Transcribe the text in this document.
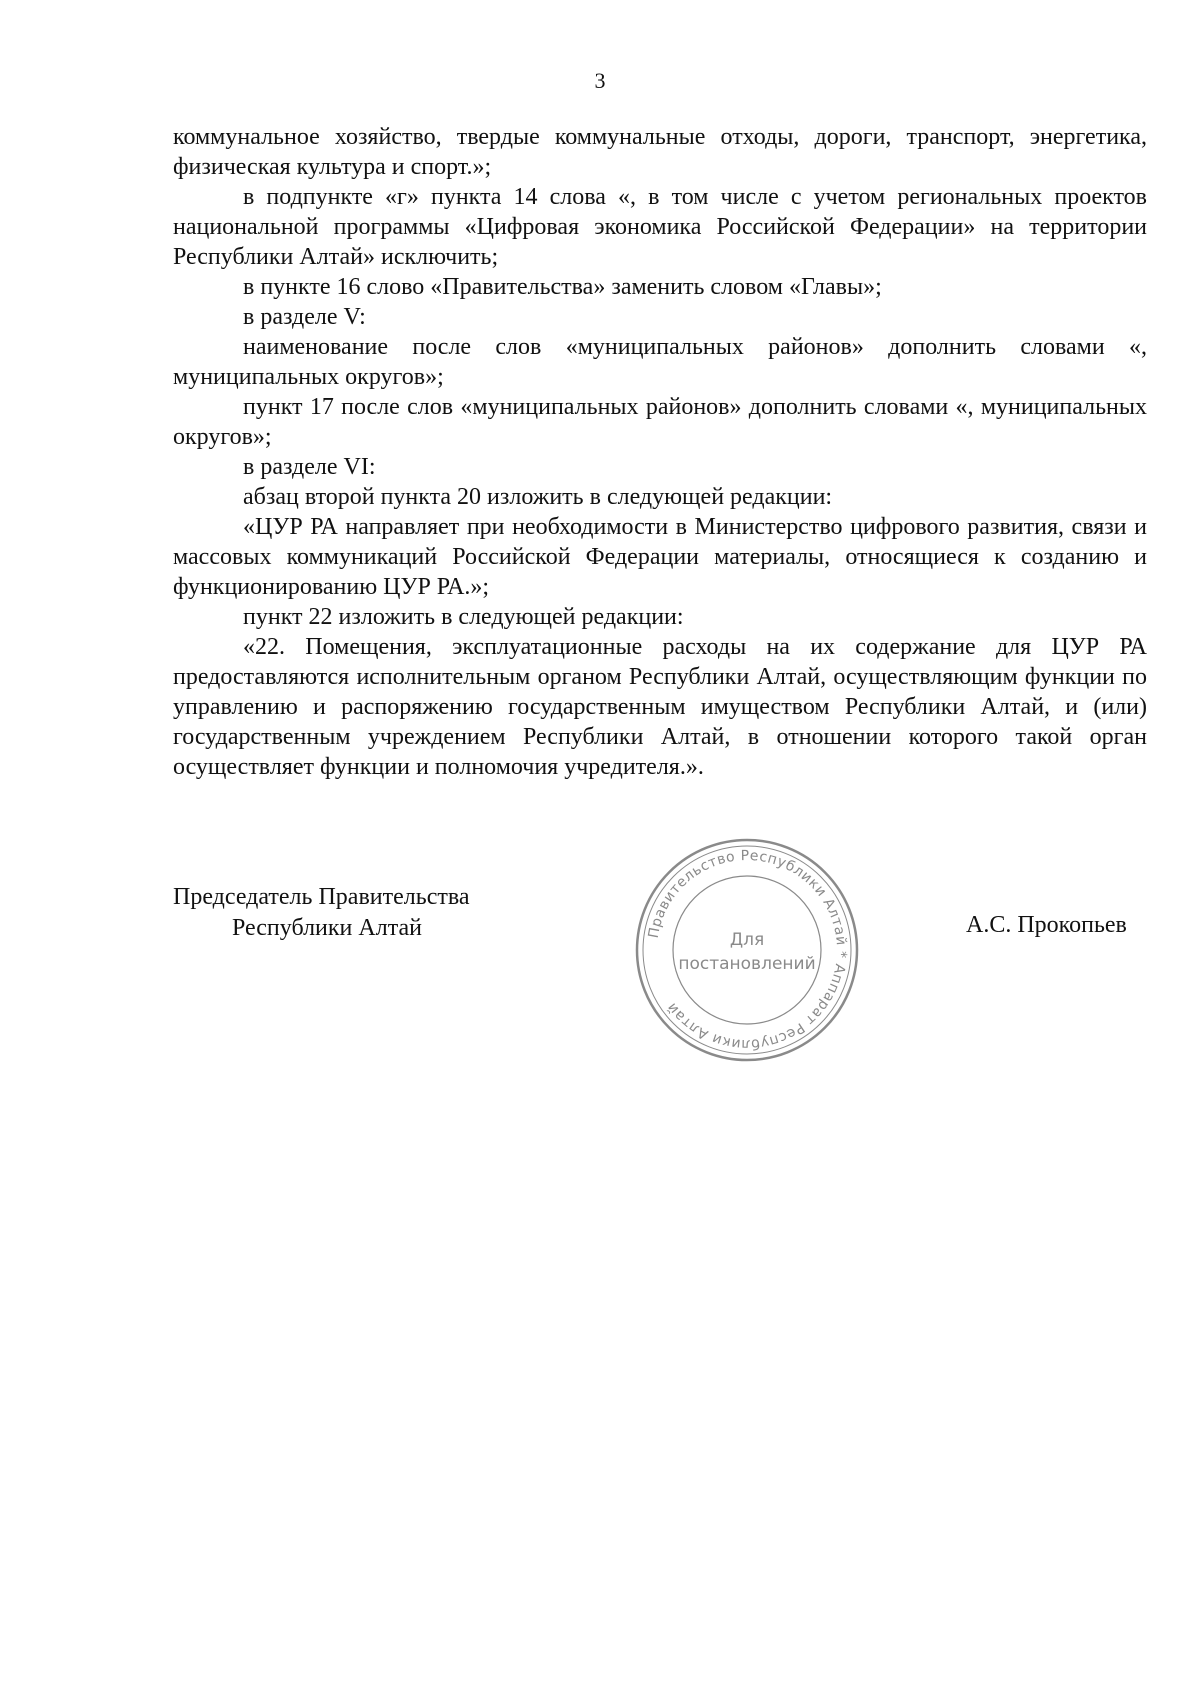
3

коммунальное хозяйство, твердые коммунальные отходы, дороги, транспорт, энергетика, физическая культура и спорт.»;

в подпункте «г» пункта 14 слова «, в том числе с учетом региональных проектов национальной программы «Цифровая экономика Российской Федерации» на территории Республики Алтай» исключить;

в пункте 16 слово «Правительства» заменить словом «Главы»;

в разделе V:

наименование после слов «муниципальных районов» дополнить словами «, муниципальных округов»;

пункт 17 после слов «муниципальных районов» дополнить словами «, муниципальных округов»;

в разделе VI:

абзац второй пункта 20 изложить в следующей редакции:

«ЦУР РА направляет при необходимости в Министерство цифрового развития, связи и массовых коммуникаций Российской Федерации материалы, относящиеся к созданию и функционированию ЦУР РА.»;

пункт 22 изложить в следующей редакции:

«22. Помещения, эксплуатационные расходы на их содержание для ЦУР РА предоставляются исполнительным органом Республики Алтай, осуществляющим функции по управлению и распоряжению государственным имуществом Республики Алтай, и (или) государственным учреждением Республики Алтай, в отношении которого такой орган осуществляет функции и полномочия учредителя.».

Председатель Правительства
Республики Алтай	А.С. Прокопьев
Правительство Республики Алтай * Аппарат Республики Алтай
Для
постановлений
